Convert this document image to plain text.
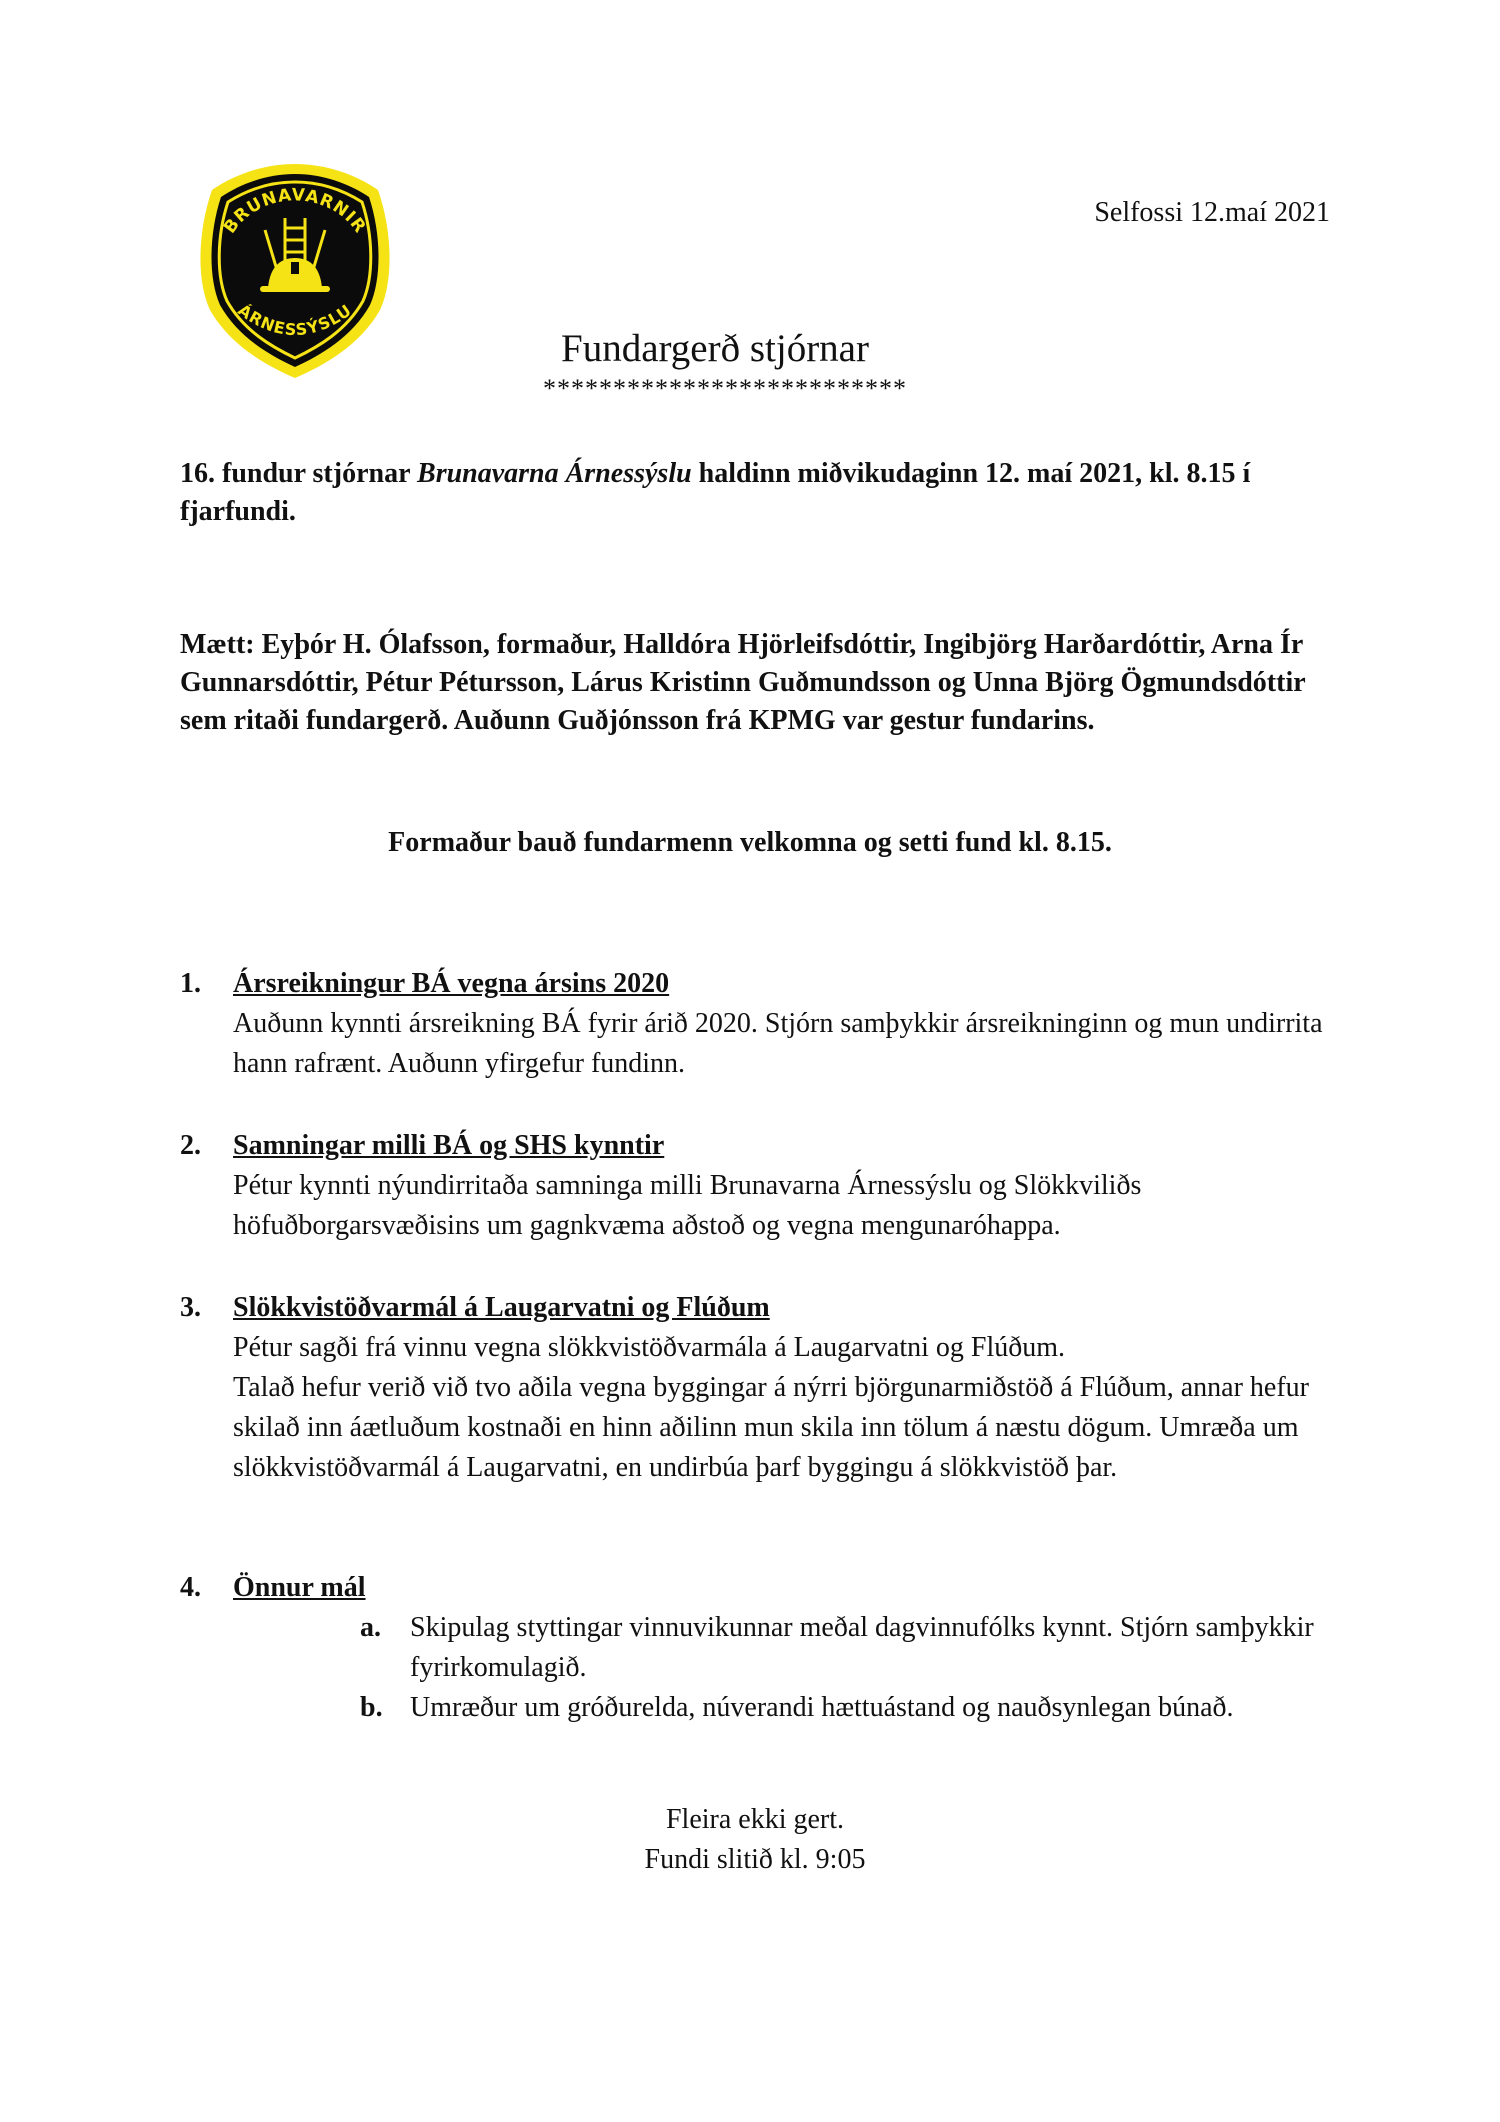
BRUNAVARNIR
ÁRNESSÝSLU
Selfossi 12.maí 2021
Fundargerð stjórnar
**************************
16. fundur stjórnar Brunavarna Árnessýslu haldinn miðvikudaginn 12. maí 2021, kl. 8.15 í fjarfundi.
Mætt: Eyþór H. Ólafsson, formaður, Halldóra Hjörleifsdóttir, Ingibjörg Harðardóttir, Arna Ír Gunnarsdóttir, Pétur Pétursson, Lárus Kristinn Guðmundsson og Unna Björg Ögmundsdóttir sem ritaði fundargerð. Auðunn Guðjónsson frá KPMG var gestur fundarins.
Formaður bauð fundarmenn velkomna og setti fund kl. 8.15.
1. Ársreikningur BÁ vegna ársins 2020
Auðunn kynnti ársreikning BÁ fyrir árið 2020. Stjórn samþykkir ársreikninginn og mun undirrita hann rafrænt. Auðunn yfirgefur fundinn.
2. Samningar milli BÁ og SHS kynntir
Pétur kynnti nýundirritaða samninga milli Brunavarna Árnessýslu og Slökkviliðs höfuðborgarsvæðisins um gagnkvæma aðstoð og vegna mengunaróhappa.
3. Slökkvistöðvarmál á Laugarvatni og Flúðum
Pétur sagði frá vinnu vegna slökkvistöðvarmála á Laugarvatni og Flúðum.
Talað hefur verið við tvo aðila vegna byggingar á nýrri björgunarmiðstöð á Flúðum, annar hefur skilað inn áætluðum kostnaði en hinn aðilinn mun skila inn tölum á næstu dögum. Umræða um slökkvistöðvarmál á Laugarvatni, en undirbúa þarf byggingu á slökkvistöð þar.
4. Önnur mál
a. Skipulag styttingar vinnuvikunnar meðal dagvinnufólks kynnt. Stjórn samþykkir fyrirkomulagið.
b. Umræður um gróðurelda, núverandi hættuástand og nauðsynlegan búnað.
Fleira ekki gert.
Fundi slitið kl. 9:05
